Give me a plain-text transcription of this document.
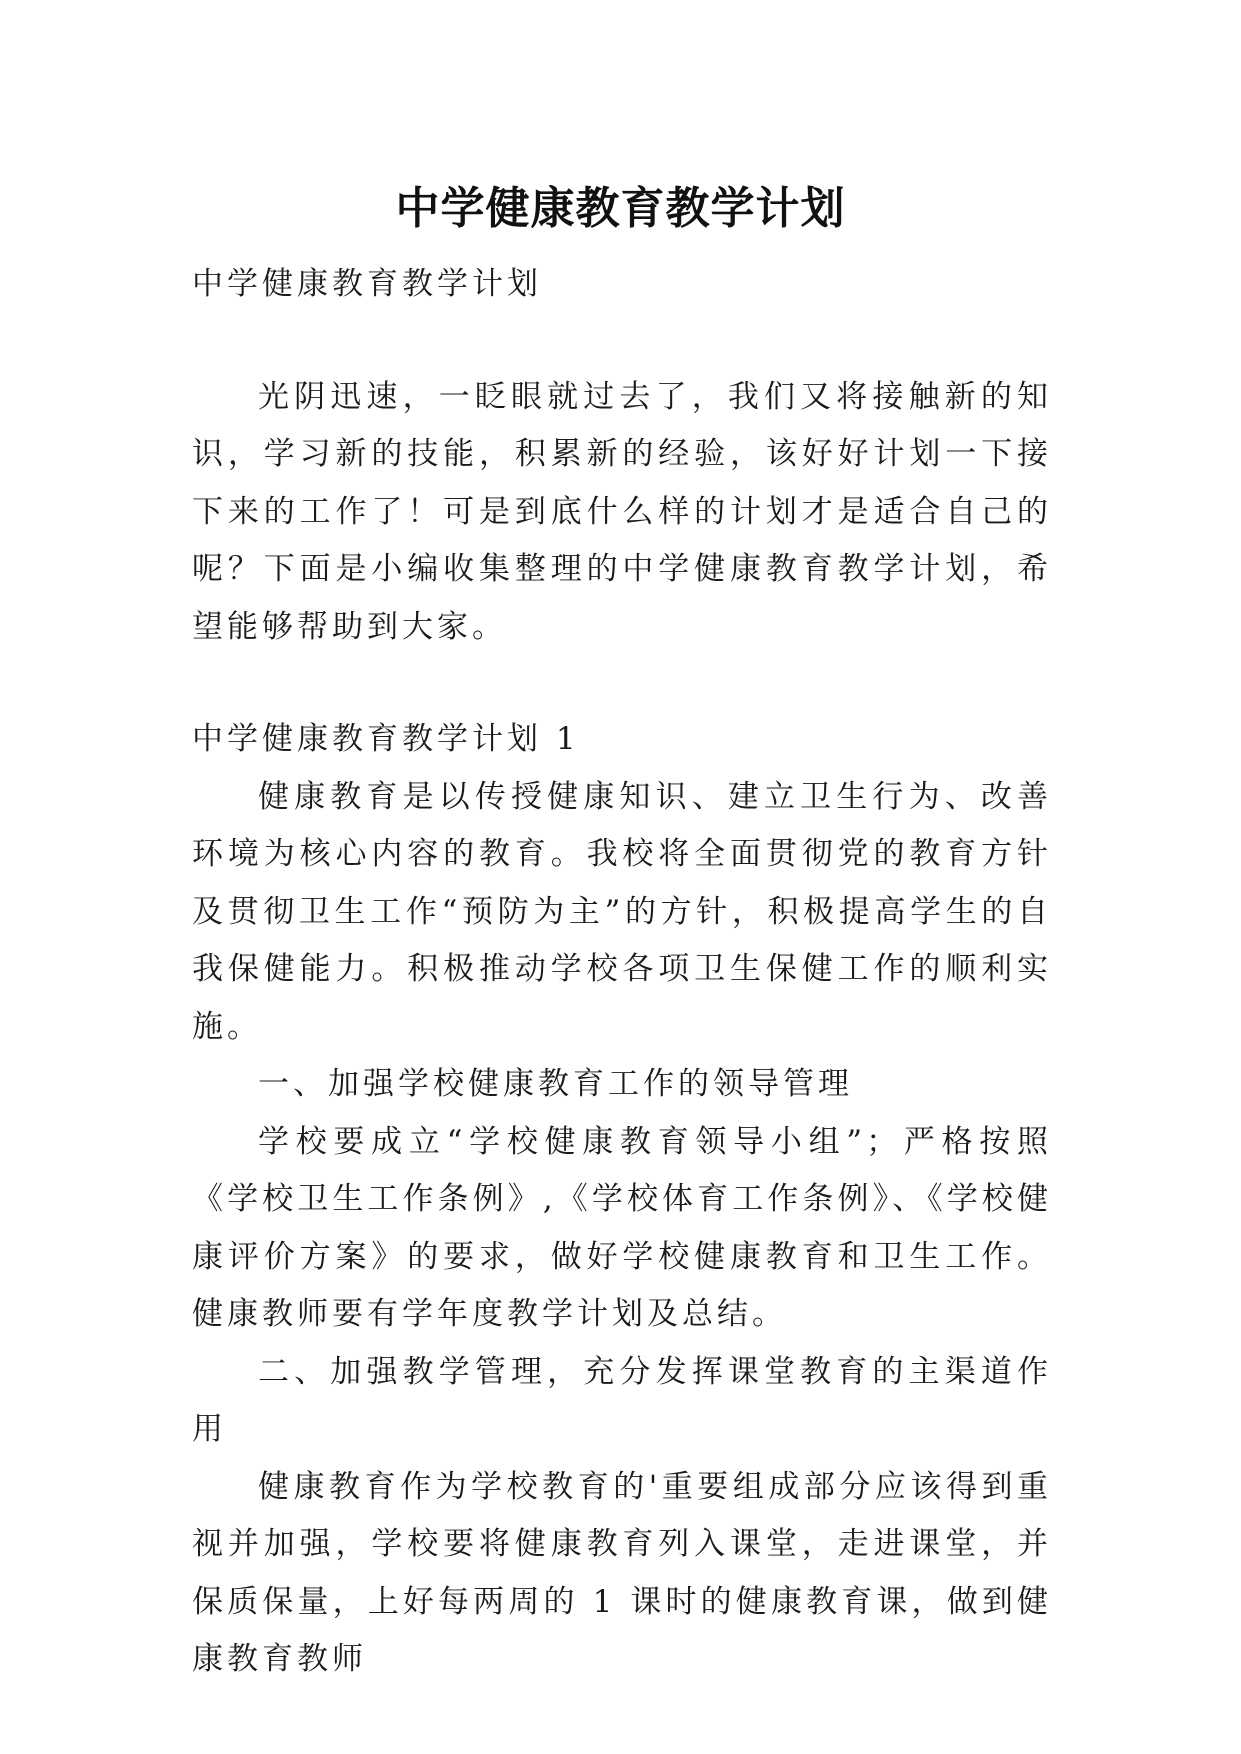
中学健康教育教学计划

中学健康教育教学计划

光阴迅速，一眨眼就过去了，我们又将接触新的知识，学习新的技能，积累新的经验，该好好计划一下接下来的工作了！可是到底什么样的计划才是适合自己的呢？下面是小编收集整理的中学健康教育教学计划，希望能够帮助到大家。

中学健康教育教学计划 1

健康教育是以传授健康知识、建立卫生行为、改善环境为核心内容的教育。我校将全面贯彻党的教育方针及贯彻卫生工作“预防为主”的方针，积极提高学生的自我保健能力。积极推动学校各项卫生保健工作的顺利实施。

一、加强学校健康教育工作的领导管理

学校要成立“学校健康教育领导小组”；严格按照《学校卫生工作条例》,《学校体育工作条例》、《学校健康评价方案》的要求，做好学校健康教育和卫生工作。健康教师要有学年度教学计划及总结。

二、加强教学管理，充分发挥课堂教育的主渠道作用

健康教育作为学校教育的'重要组成部分应该得到重视并加强，学校要将健康教育列入课堂，走进课堂，并保质保量，上好每两周的 1 课时的健康教育课，做到健康教育教师
